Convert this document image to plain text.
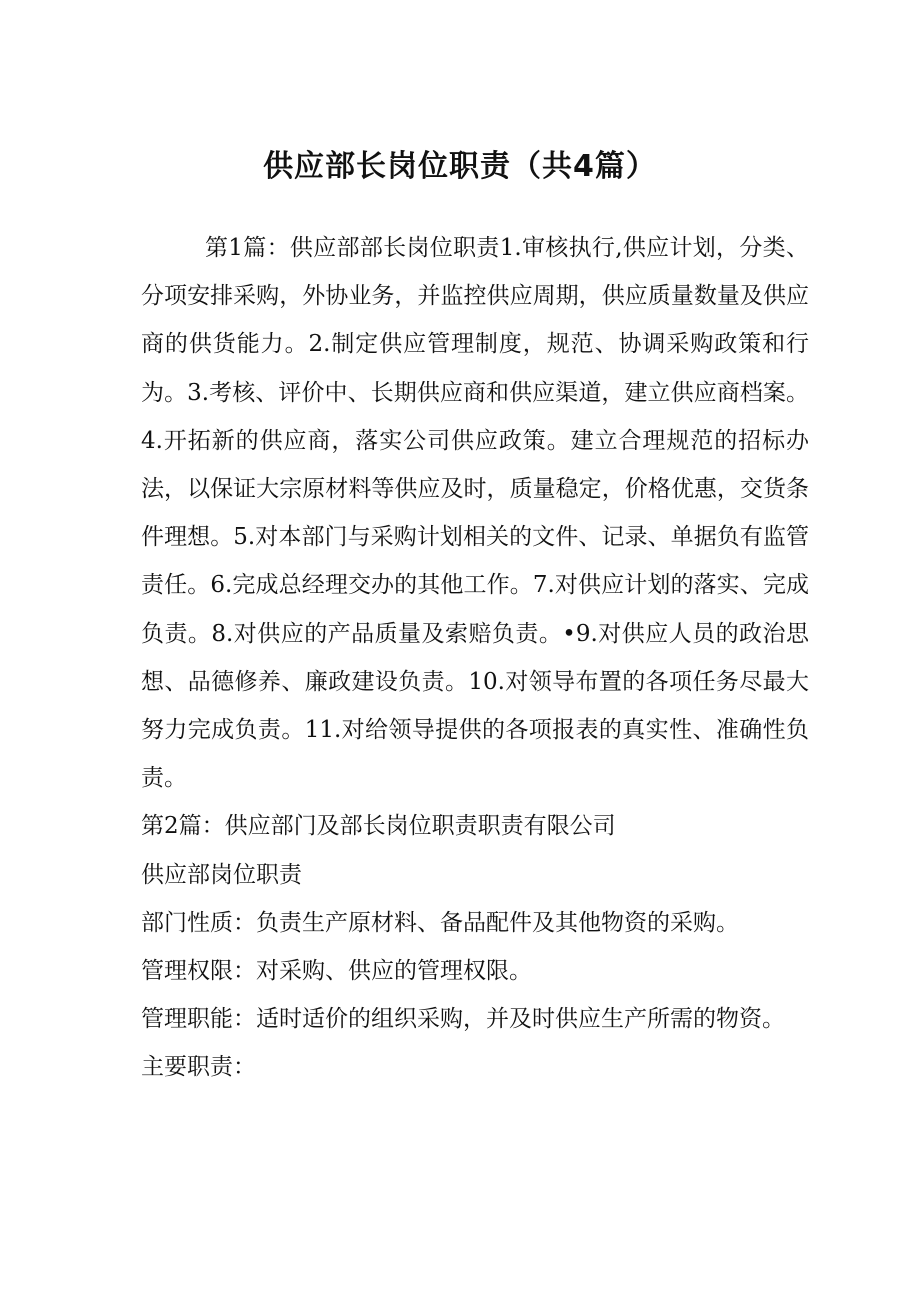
供应部长岗位职责（共4篇）

第1篇：供应部部长岗位职责1.审核执行,供应计划，分类、分项安排采购，外协业务，并监控供应周期，供应质量数量及供应商的供货能力。2.制定供应管理制度，规范、协调采购政策和行为。3.考核、评价中、长期供应商和供应渠道，建立供应商档案。4.开拓新的供应商，落实公司供应政策。建立合理规范的招标办法，以保证大宗原材料等供应及时，质量稳定，价格优惠，交货条件理想。5.对本部门与采购计划相关的文件、记录、单据负有监管责任。6.完成总经理交办的其他工作。7.对供应计划的落实、完成负责。8.对供应的产品质量及索赔负责。•9.对供应人员的政治思想、品德修养、廉政建设负责。10.对领导布置的各项任务尽最大努力完成负责。11.对给领导提供的各项报表的真实性、准确性负责。

第2篇：供应部门及部长岗位职责职责有限公司

供应部岗位职责

部门性质：负责生产原材料、备品配件及其他物资的采购。

管理权限：对采购、供应的管理权限。

管理职能：适时适价的组织采购，并及时供应生产所需的物资。

主要职责：
